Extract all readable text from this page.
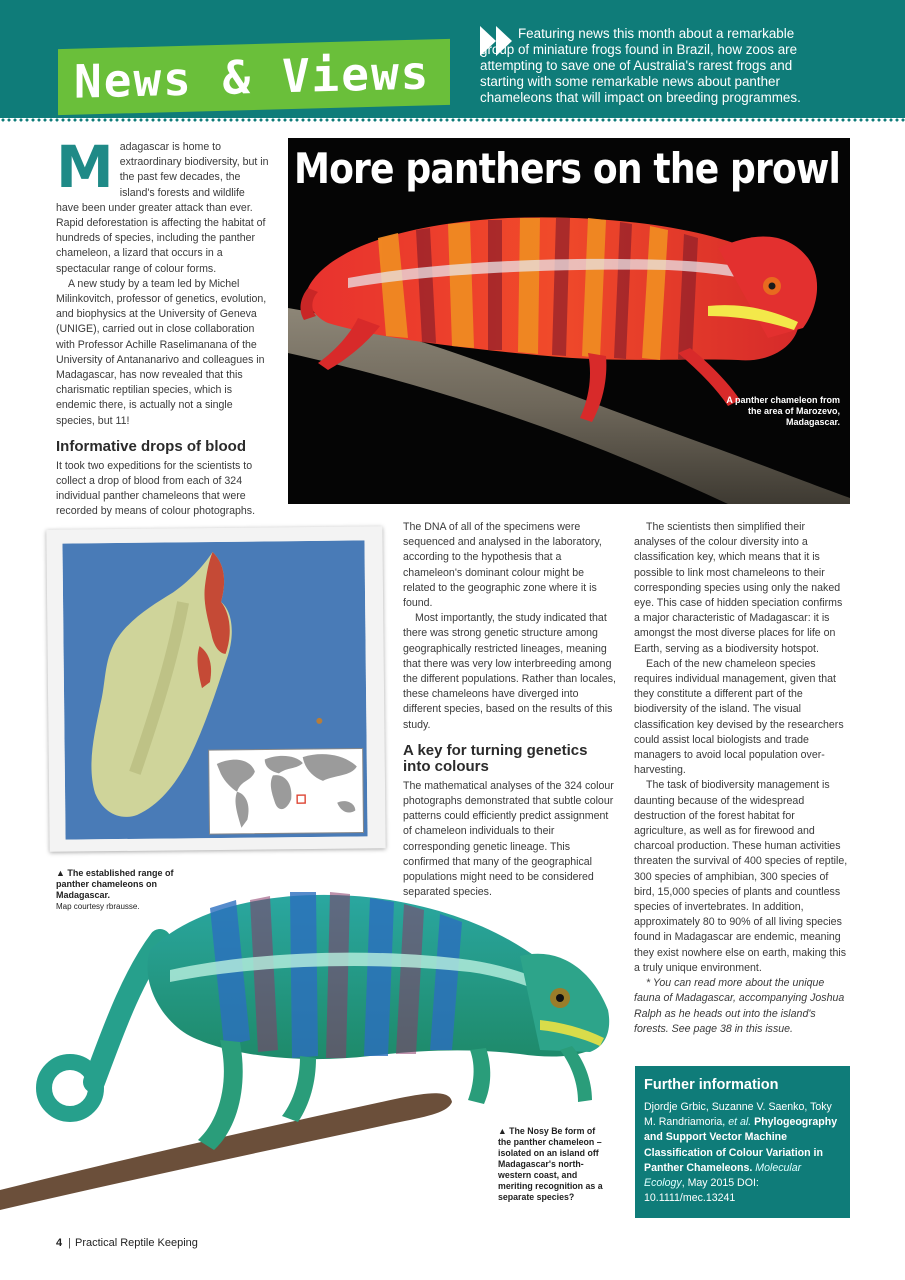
News & Views

Featuring news this month about a remarkable group of miniature frogs found in Brazil, how zoos are attempting to save one of Australia's rarest frogs and starting with some remarkable news about panther chameleons that will impact on breeding programmes.

More panthers on the prowl
A panther chameleon from the area of Marozevo, Madagascar.

Madagascar is home to extraordinary biodiversity, but in the past few decades, the island's forests and wildlife have been under greater attack than ever. Rapid deforestation is affecting the habitat of hundreds of species, including the panther chameleon, a lizard that occurs in a spectacular range of colour forms.

A new study by a team led by Michel Milinkovitch, professor of genetics, evolution, and biophysics at the University of Geneva (UNIGE), carried out in close collaboration with Professor Achille Raselimanana of the University of Antananarivo and colleagues in Madagascar, has now revealed that this charismatic reptilian species, which is endemic there, is actually not a single species, but 11!

Informative drops of blood

It took two expeditions for the scientists to collect a drop of blood from each of 324 individual panther chameleons that were recorded by means of colour photographs.

▲ The established range of panther chameleons on Madagascar.
Map courtesy rbrausse.

The DNA of all of the specimens were sequenced and analysed in the laboratory, according to the hypothesis that a chameleon's dominant colour might be related to the geographic zone where it is found.

Most importantly, the study indicated that there was strong genetic structure among geographically restricted lineages, meaning that there was very low interbreeding among the different populations. Rather than locales, these chameleons have diverged into different species, based on the results of this study.

A key for turning genetics into colours

The mathematical analyses of the 324 colour photographs demonstrated that subtle colour patterns could efficiently predict assignment of chameleon individuals to their corresponding genetic lineage. This confirmed that many of the geographical populations might need to be considered separated species.

The scientists then simplified their analyses of the colour diversity into a classification key, which means that it is possible to link most chameleons to their corresponding species using only the naked eye. This case of hidden speciation confirms a major characteristic of Madagascar: it is amongst the most diverse places for life on Earth, serving as a biodiversity hotspot.

Each of the new chameleon species requires individual management, given that they constitute a different part of the biodiversity of the island. The visual classification key devised by the researchers could assist local biologists and trade managers to avoid local population over-harvesting.

The task of biodiversity management is daunting because of the widespread destruction of the forest habitat for agriculture, as well as for firewood and charcoal production. These human activities threaten the survival of 400 species of reptile, 300 species of amphibian, 300 species of bird, 15,000 species of plants and countless species of invertebrates. In addition, approximately 80 to 90% of all living species found in Madagascar are endemic, meaning they exist nowhere else on earth, making this a truly unique environment.

* You can read more about the unique fauna of Madagascar, accompanying Joshua Ralph as he heads out into the island's forests. See page 38 in this issue.

▲ The Nosy Be form of the panther chameleon – isolated on an island off Madagascar's north-western coast, and meriting recognition as a separate species?
Further information

Djordje Grbic, Suzanne V. Saenko, Toky M. Randriamoria, et al. Phylogeography and Support Vector Machine Classification of Colour Variation in Panther Chameleons. Molecular Ecology, May 2015 DOI: 10.1111/mec.13241

4 | Practical Reptile Keeping
